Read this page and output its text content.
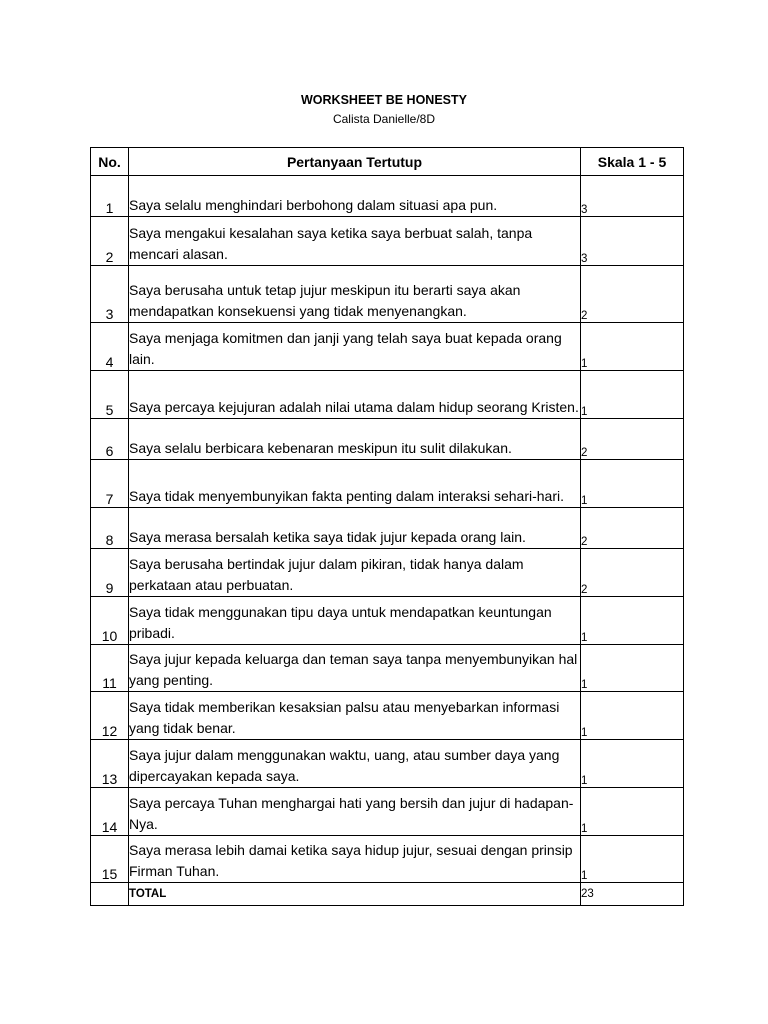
WORKSHEET BE HONESTY
Calista Danielle/8D
No.	Pertanyaan Tertutup	Skala 1 - 5
1	Saya selalu menghindari berbohong dalam situasi apa pun.	3
2	Saya mengakui kesalahan saya ketika saya berbuat salah, tanpa mencari alasan.	3
3	Saya berusaha untuk tetap jujur meskipun itu berarti saya akan mendapatkan konsekuensi yang tidak menyenangkan.	2
4	Saya menjaga komitmen dan janji yang telah saya buat kepada orang lain.	1
5	Saya percaya kejujuran adalah nilai utama dalam hidup seorang Kristen.	1
6	Saya selalu berbicara kebenaran meskipun itu sulit dilakukan.	2
7	Saya tidak menyembunyikan fakta penting dalam interaksi sehari-hari.	1
8	Saya merasa bersalah ketika saya tidak jujur kepada orang lain.	2
9	Saya berusaha bertindak jujur dalam pikiran, tidak hanya dalam perkataan atau perbuatan.	2
10	Saya tidak menggunakan tipu daya untuk mendapatkan keuntungan pribadi.	1
11	Saya jujur kepada keluarga dan teman saya tanpa menyembunyikan hal yang penting.	1
12	Saya tidak memberikan kesaksian palsu atau menyebarkan informasi yang tidak benar.	1
13	Saya jujur dalam menggunakan waktu, uang, atau sumber daya yang dipercayakan kepada saya.	1
14	Saya percaya Tuhan menghargai hati yang bersih dan jujur di hadapan-Nya.	1
15	Saya merasa lebih damai ketika saya hidup jujur, sesuai dengan prinsip Firman Tuhan.	1
	TOTAL	23
